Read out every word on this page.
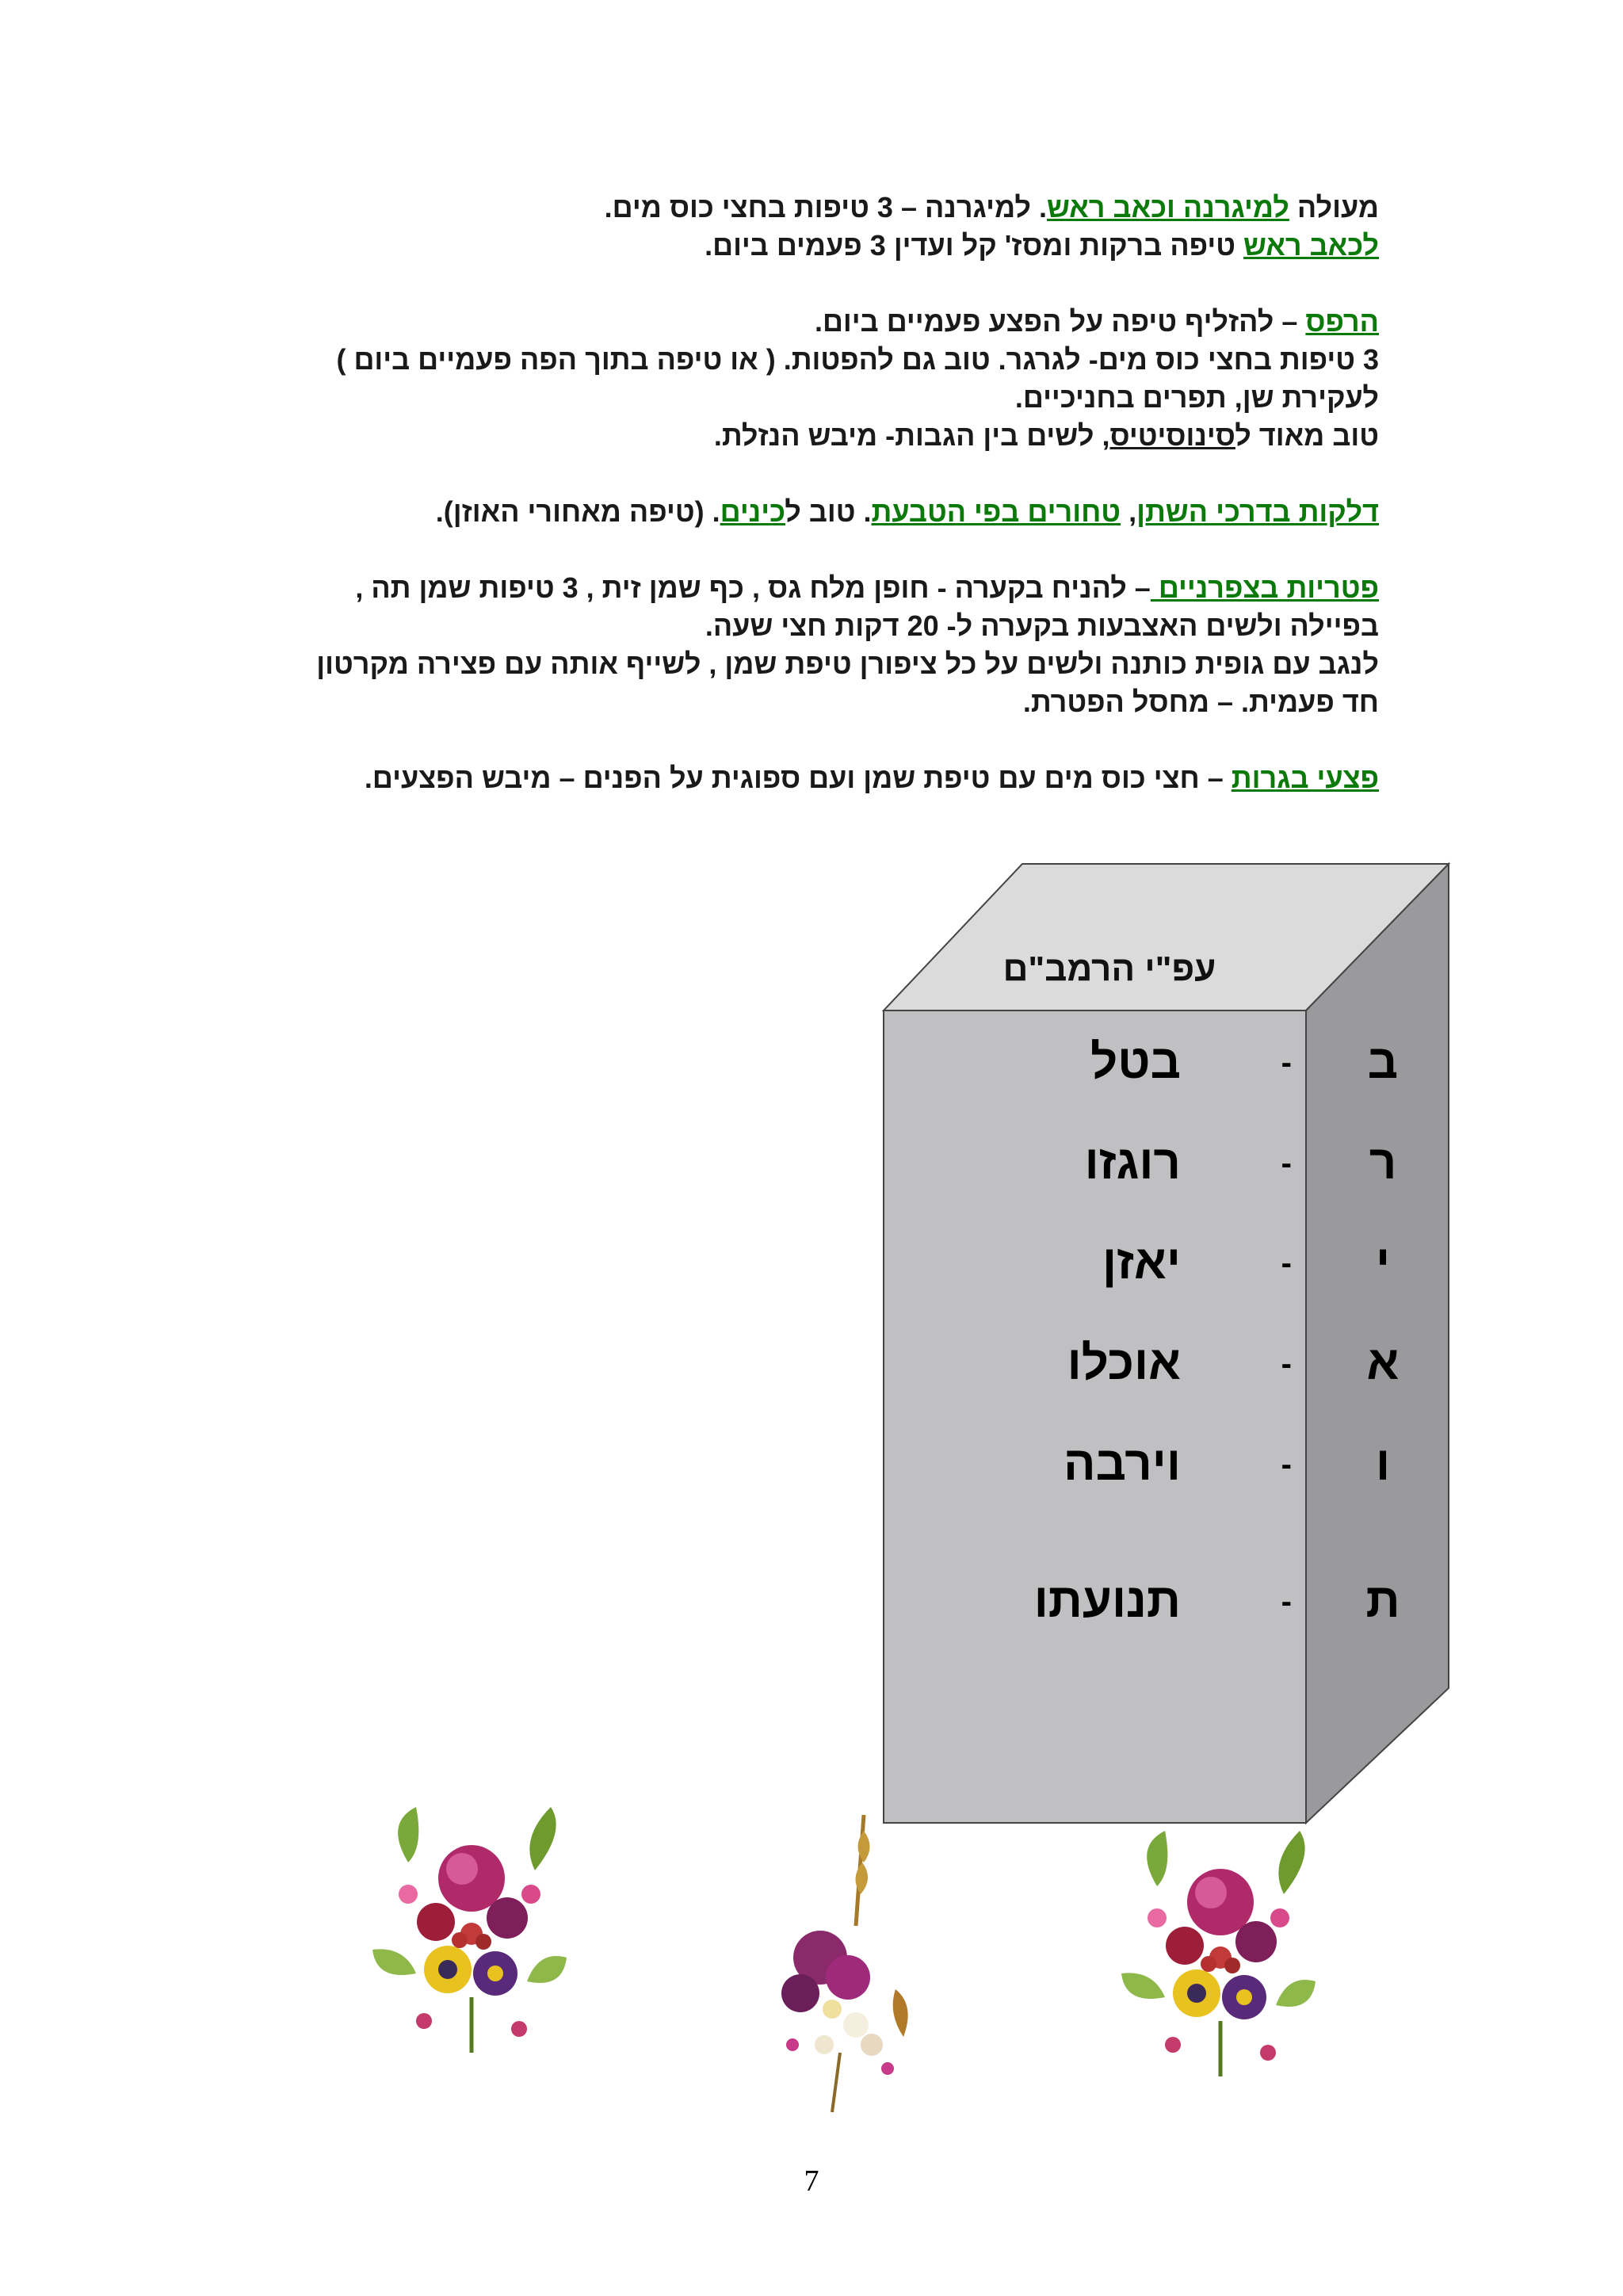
מעולה למיגרנה וכאב ראש. למיגרנה – 3 טיפות בחצי כוס מים.

לכאב ראש טיפה ברקות ומסז' קל ועדין 3 פעמים ביום.

הרפס – להזליף טיפה על הפצע פעמיים ביום.

3 טיפות בחצי כוס מים- לגרגר. טוב גם להפטות. ( או טיפה בתוך הפה פעמיים ביום )

לעקירת שן, תפרים בחניכיים.

טוב מאוד לסינוסיטיס, לשים בין הגבות- מיבש הנזלת.

דלקות בדרכי השתן, טחורים בפי הטבעת. טוב לכינים. (טיפה מאחורי האוזן).

פטריות בצפרניים – להניח בקערה - חופן מלח גס , כף שמן זית , 3 טיפות שמן תה ,

בפיילה ולשים האצבעות בקערה ל- 20 דקות חצי שעה.

לנגב עם גופית כותנה ולשים על כל ציפורן טיפת שמן , לשייף אותה עם פצירה מקרטון

חד פעמית. – מחסל הפטרת.

פצעי בגרות – חצי כוס מים עם טיפת שמן ועם ספוגית על הפנים – מיבש הפצעים.

עפ"י הרמב"ם
ב
-
בטל
ר
-
רוגזו
י
-
יאזן
א
-
אוכלו
ו
-
וירבה
ת
-
תנועתו
7
